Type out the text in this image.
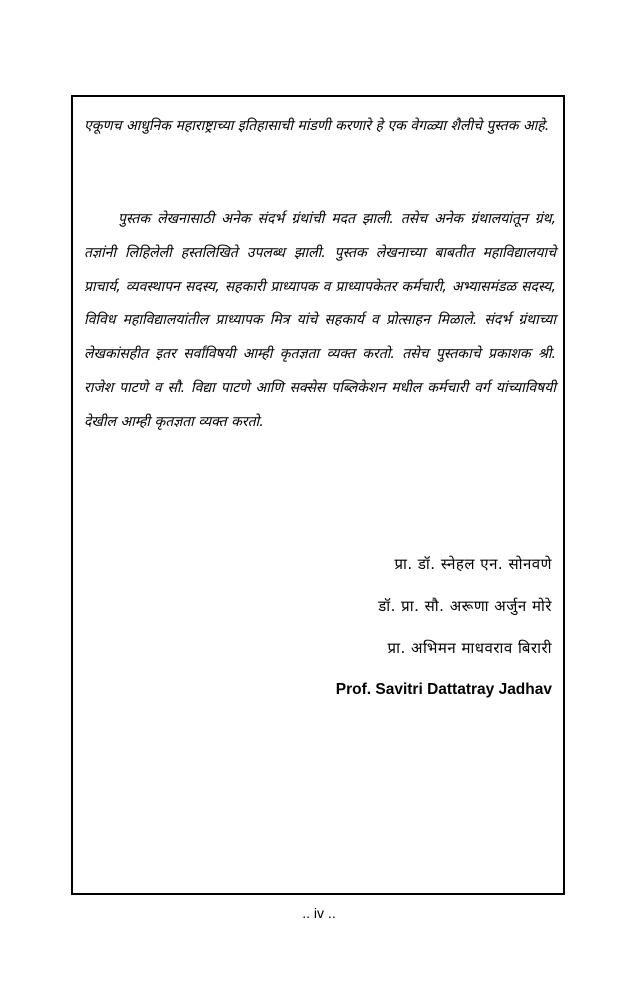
एकूणच आधुनिक महाराष्ट्राच्या इतिहासाची मांडणी करणारे हे एक वेगळ्या शैलीचे पुस्तक आहे.

पुस्तक लेखनासाठी अनेक संदर्भ ग्रंथांची मदत झाली. तसेच अनेक ग्रंथालयांतून ग्रंथ, तज्ञांनी लिहिलेली हस्तलिखिते उपलब्ध झाली. पुस्तक लेखनाच्या बाबतीत महाविद्यालयाचे प्राचार्य, व्यवस्थापन सदस्य, सहकारी प्राध्यापक व प्राध्यापकेतर कर्मचारी, अभ्यासमंडळ सदस्य, विविध महाविद्यालयांतील प्राध्यापक मित्र यांचे सहकार्य व प्रोत्साहन मिळाले. संदर्भ ग्रंथाच्या लेखकांसहीत इतर सर्वांविषयी आम्ही कृतज्ञता व्यक्त करतो. तसेच पुस्तकाचे प्रकाशक श्री. राजेश पाटणे व सौ. विद्या पाटणे आणि सक्सेस पब्लिकेशन मधील कर्मचारी वर्ग यांच्याविषयी देखील आम्ही कृतज्ञता व्यक्त करतो.

प्रा. डॉ. स्नेहल एन. सोनवणे
डॉ. प्रा. सौ. अरूणा अर्जुन मोरे
प्रा. अभिमन माधवराव बिरारी
Prof. Savitri Dattatray Jadhav
.. iv ..
